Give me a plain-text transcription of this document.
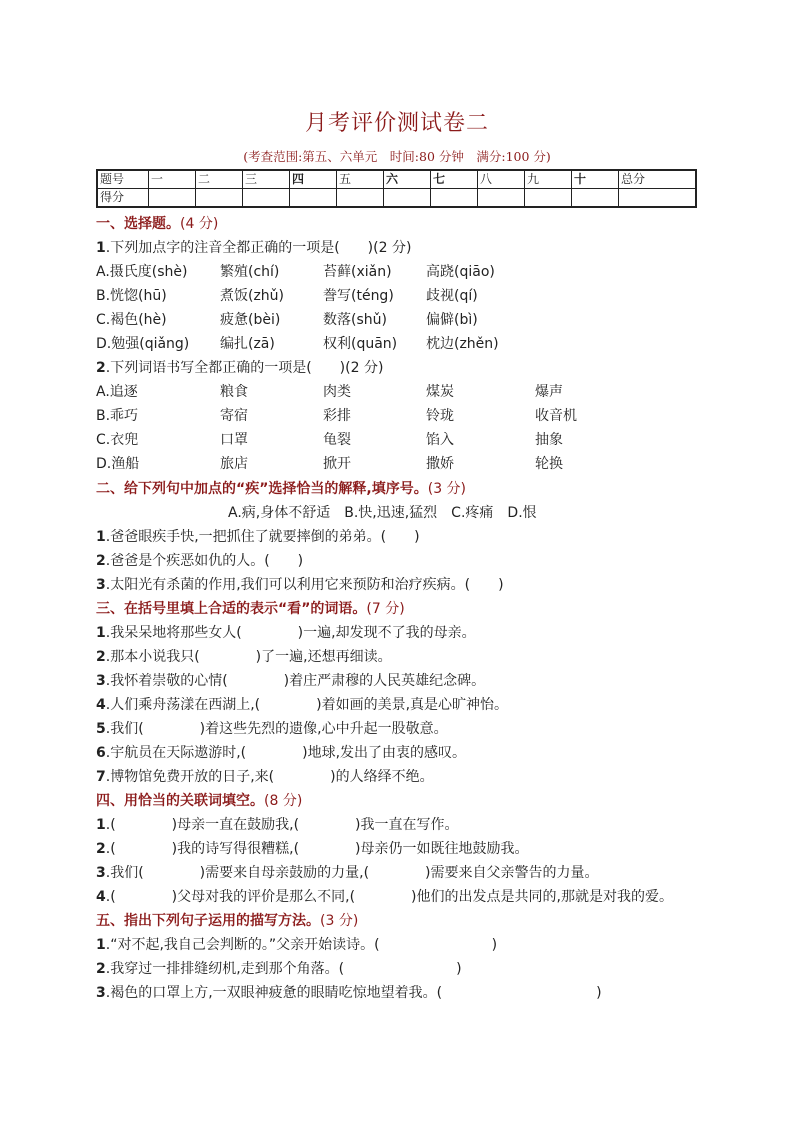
月考评价测试卷二
(考查范围:第五、六单元　时间:80 分钟　满分:100 分)
题号	一	二	三	四	五	六	七	八	九	十	总分
得分											
一、选择题。(4 分)
1.下列加点字的注音全都正确的一项是(　　)(2 分)
A.摄氏度(shè) 繁殖(chí)	苔藓(xiǎn) 高跷(qiāo)
B.恍惚(hū)	煮饭(zhǔ)	誊写(téng) 歧视(qí)
C.褐色(hè)	疲惫(bèi)	数落(shǔ)	偏僻(bì)
D.勉强(qiǎng) 编扎(zā)	权利(quān) 枕边(zhěn)
2.下列词语书写全都正确的一项是(　　)(2 分)
A.追逐	粮食	肉类	煤炭	爆声
B.乖巧	寄宿	彩排	铃珑	收音机
C.衣兜	口罩	龟裂	馅入	抽象
D.渔船	旅店	掀开	撒娇	轮换
二、给下列句中加点的“疾”选择恰当的解释,填序号。(3 分)
A.病,身体不舒适　B.快,迅速,猛烈　C.疼痛　D.恨
1.爸爸眼疾手快,一把抓住了就要摔倒的弟弟。(　　)
2.爸爸是个疾恶如仇的人。(　　)
3.太阳光有杀菌的作用,我们可以利用它来预防和治疗疾病。(　　)
三、在括号里填上合适的表示“看”的词语。(7 分)
1.我呆呆地将那些女人(　　　　)一遍,却发现不了我的母亲。
2.那本小说我只(　　　　)了一遍,还想再细读。
3.我怀着崇敬的心情(　　　　)着庄严肃穆的人民英雄纪念碑。
4.人们乘舟荡漾在西湖上,(　　　　)着如画的美景,真是心旷神怡。
5.我们(　　　　)着这些先烈的遗像,心中升起一股敬意。
6.宇航员在天际遨游时,(　　　　)地球,发出了由衷的感叹。
7.博物馆免费开放的日子,来(　　　　)的人络绎不绝。
四、用恰当的关联词填空。(8 分)
1.(　　　　)母亲一直在鼓励我,(　　　　)我一直在写作。
2.(　　　　)我的诗写得很糟糕,(　　　　)母亲仍一如既往地鼓励我。
3.我们(　　　　)需要来自母亲鼓励的力量,(　　　　)需要来自父亲警告的力量。
4.(　　　　)父母对我的评价是那么不同,(　　　　)他们的出发点是共同的,那就是对我的爱。
五、指出下列句子运用的描写方法。(3 分)
1.“对不起,我自己会判断的。”父亲开始读诗。(　　　　　　　　)
2.我穿过一排排缝纫机,走到那个角落。(　　　　　　　　)
3.褐色的口罩上方,一双眼神疲惫的眼睛吃惊地望着我。(　　　　　　　　　　　)
